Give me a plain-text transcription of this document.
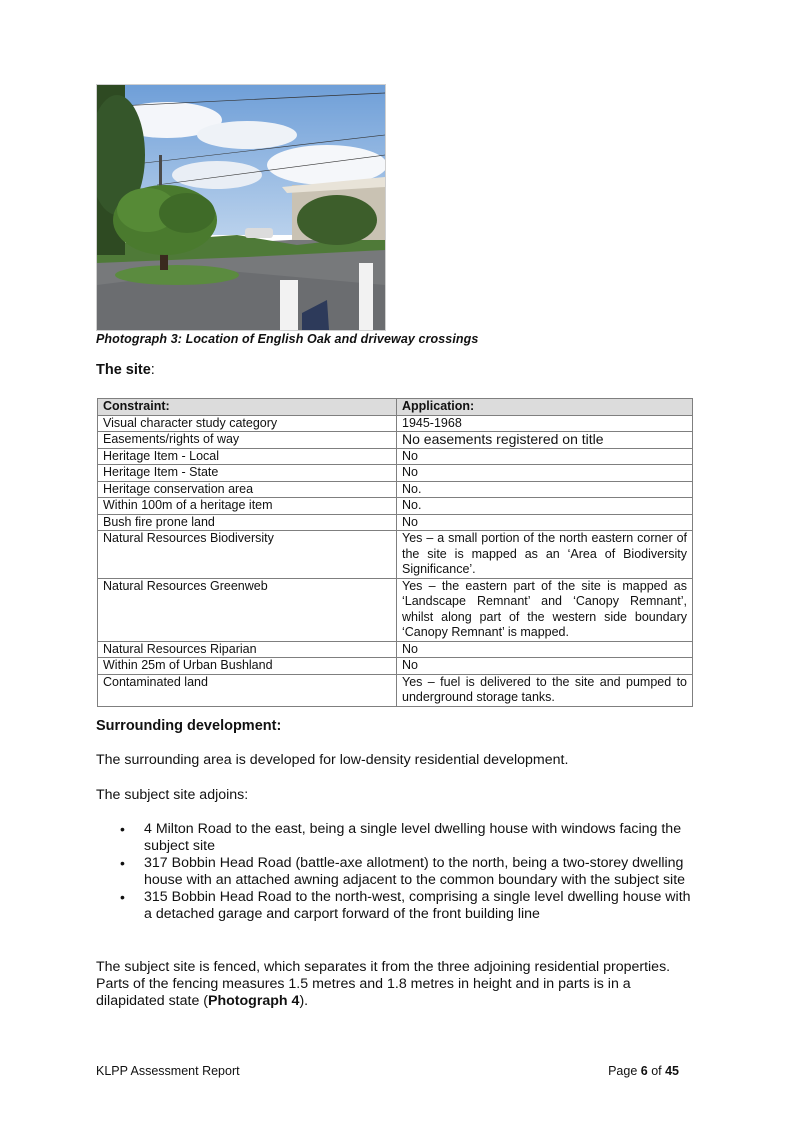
Photograph 3: Location of English Oak and driveway crossings
The site:
Constraint:	Application:
Visual character study category	1945-1968
Easements/rights of way	No easements registered on title
Heritage Item - Local	No
Heritage Item - State	No
Heritage conservation area	No.
Within 100m of a heritage item	No.
Bush fire prone land	No
Natural Resources Biodiversity	Yes – a small portion of the north eastern corner of the site is mapped as an ‘Area of Biodiversity Significance’.
Natural Resources Greenweb	Yes – the eastern part of the site is mapped as ‘Landscape Remnant’ and ‘Canopy Remnant’, whilst along part of the western side boundary ‘Canopy Remnant’ is mapped.
Natural Resources Riparian	No
Within 25m of Urban Bushland	No
Contaminated land	Yes – fuel is delivered to the site and pumped to underground storage tanks.
Surrounding development:
The surrounding area is developed for low-density residential development.
The subject site adjoins:
• 4 Milton Road to the east, being a single level dwelling house with windows facing the subject site
• 317 Bobbin Head Road (battle-axe allotment) to the north, being a two-storey dwelling house with an attached awning adjacent to the common boundary with the subject site
• 315 Bobbin Head Road to the north-west, comprising a single level dwelling house with a detached garage and carport forward of the front building line
The subject site is fenced, which separates it from the three adjoining residential properties. Parts of the fencing measures 1.5 metres and 1.8 metres in height and in parts is in a dilapidated state (Photograph 4).
KLPP Assessment Report	Page 6 of 45
